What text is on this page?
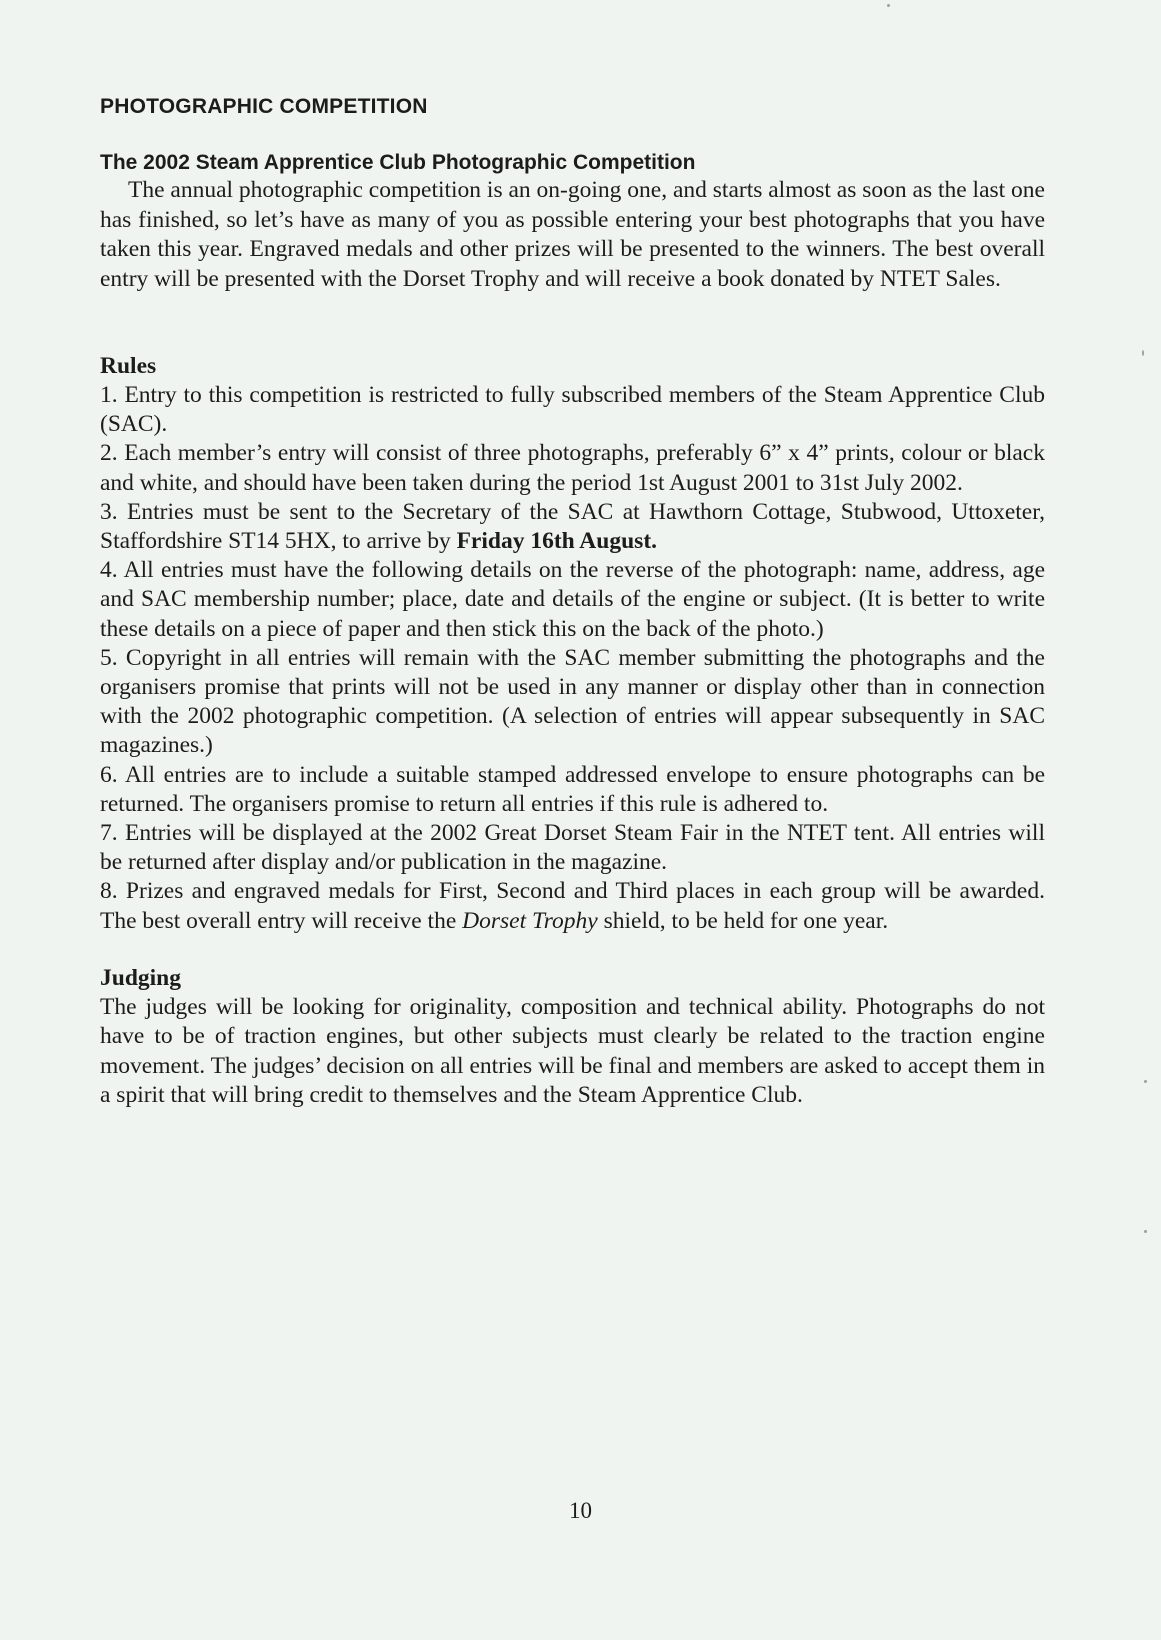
PHOTOGRAPHIC COMPETITION
The 2002 Steam Apprentice Club Photographic Competition

The annual photographic competition is an on-going one, and starts almost as soon as the last one has finished, so let’s have as many of you as possible entering your best photographs that you have taken this year. Engraved medals and other prizes will be presented to the winners. The best overall entry will be presented with the Dorset Trophy and will receive a book donated by NTET Sales.

Rules

1. Entry to this competition is restricted to fully subscribed members of the Steam Apprentice Club (SAC).

2. Each member’s entry will consist of three photographs, preferably 6” x 4” prints, colour or black and white, and should have been taken during the period 1st August 2001 to 31st July 2002.

3. Entries must be sent to the Secretary of the SAC at Hawthorn Cottage, Stubwood, Uttoxeter, Staffordshire ST14 5HX, to arrive by Friday 16th August.

4. All entries must have the following details on the reverse of the photograph: name, address, age and SAC membership number; place, date and details of the engine or subject. (It is better to write these details on a piece of paper and then stick this on the back of the photo.)

5. Copyright in all entries will remain with the SAC member submitting the photographs and the organisers promise that prints will not be used in any manner or display other than in connection with the 2002 photographic competition. (A selection of entries will appear subsequently in SAC magazines.)

6. All entries are to include a suitable stamped addressed envelope to ensure photographs can be returned. The organisers promise to return all entries if this rule is adhered to.

7. Entries will be displayed at the 2002 Great Dorset Steam Fair in the NTET tent. All entries will be returned after display and/or publication in the magazine.

8. Prizes and engraved medals for First, Second and Third places in each group will be awarded. The best overall entry will receive the Dorset Trophy shield, to be held for one year.

Judging

The judges will be looking for originality, composition and technical ability. Photographs do not have to be of traction engines, but other subjects must clearly be related to the traction engine movement. The judges’ decision on all entries will be final and members are asked to accept them in a spirit that will bring credit to themselves and the Steam Apprentice Club.

10
